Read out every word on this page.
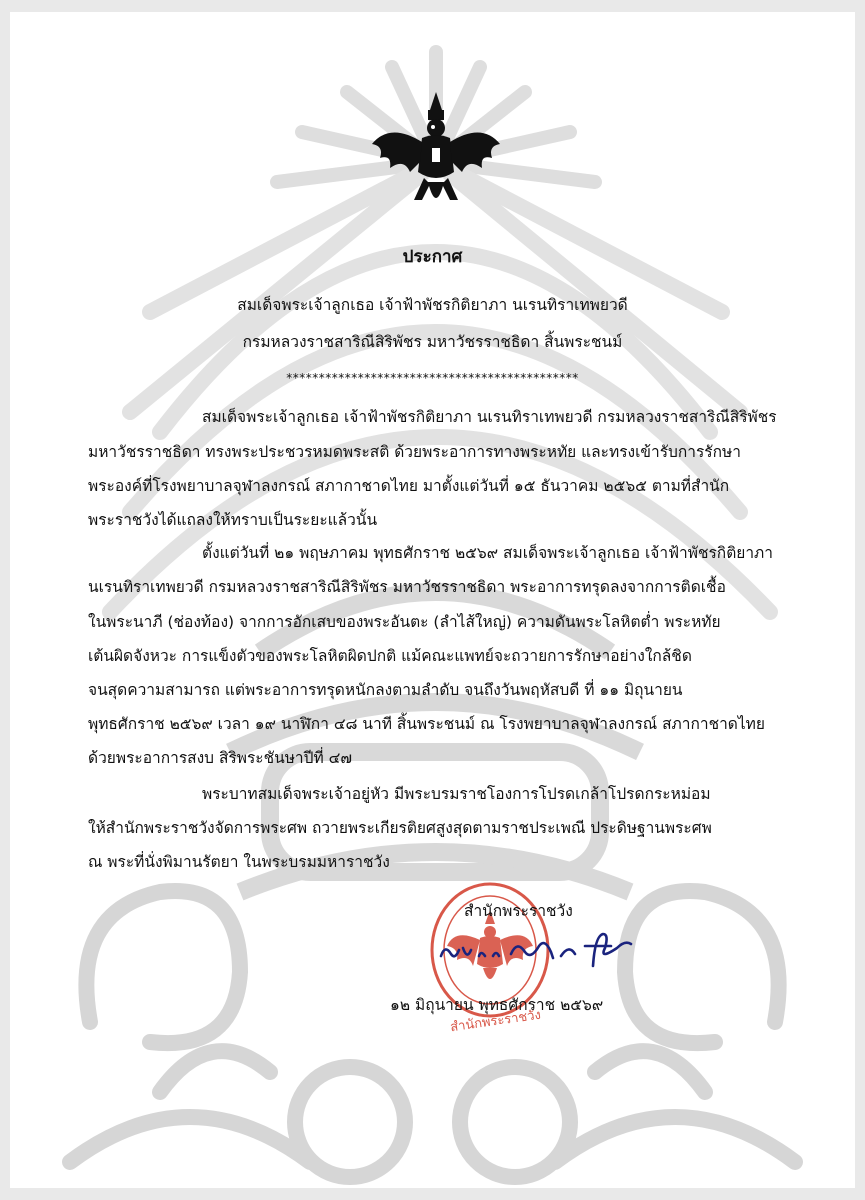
ประกาศ
สมเด็จพระเจ้าลูกเธอ เจ้าฟ้าพัชรกิติยาภา นเรนทิราเทพยวดี
กรมหลวงราชสาริณีสิริพัชร มหาวัชรราชธิดา สิ้นพระชนม์
*********************************************
สมเด็จพระเจ้าลูกเธอ เจ้าฟ้าพัชรกิติยาภา นเรนทิราเทพยวดี กรมหลวงราชสาริณีสิริพัชร
มหาวัชรราชธิดา ทรงพระประชวรหมดพระสติ ด้วยพระอาการทางพระหทัย และทรงเข้ารับการรักษา
พระองค์ที่โรงพยาบาลจุฬาลงกรณ์ สภากาชาดไทย มาตั้งแต่วันที่ ๑๕ ธันวาคม ๒๕๖๕ ตามที่สำนัก
พระราชวังได้แถลงให้ทราบเป็นระยะแล้วนั้น
ตั้งแต่วันที่ ๒๑ พฤษภาคม พุทธศักราช ๒๕๖๙ สมเด็จพระเจ้าลูกเธอ เจ้าฟ้าพัชรกิติยาภา
นเรนทิราเทพยวดี กรมหลวงราชสาริณีสิริพัชร มหาวัชรราชธิดา พระอาการทรุดลงจากการติดเชื้อ
ในพระนาภี (ช่องท้อง) จากการอักเสบของพระอันตะ (ลำไส้ใหญ่) ความดันพระโลหิตต่ำ พระหทัย
เต้นผิดจังหวะ การแข็งตัวของพระโลหิตผิดปกติ แม้คณะแพทย์จะถวายการรักษาอย่างใกล้ชิด
จนสุดความสามารถ แต่พระอาการทรุดหนักลงตามลำดับ จนถึงวันพฤหัสบดี ที่ ๑๑ มิถุนายน
พุทธศักราช ๒๕๖๙ เวลา ๑๙ นาฬิกา ๔๘ นาที สิ้นพระชนม์ ณ โรงพยาบาลจุฬาลงกรณ์ สภากาชาดไทย
ด้วยพระอาการสงบ สิริพระชันษาปีที่ ๔๗
พระบาทสมเด็จพระเจ้าอยู่หัว มีพระบรมราชโองการโปรดเกล้าโปรดกระหม่อม
ให้สำนักพระราชวังจัดการพระศพ ถวายพระเกียรติยศสูงสุดตามราชประเพณี ประดิษฐานพระศพ
ณ พระที่นั่งพิมานรัตยา ในพระบรมมหาราชวัง
สำนักพระราชวัง
สำนักพระราชวัง
๑๒ มิถุนายน พุทธศักราช ๒๕๖๙
